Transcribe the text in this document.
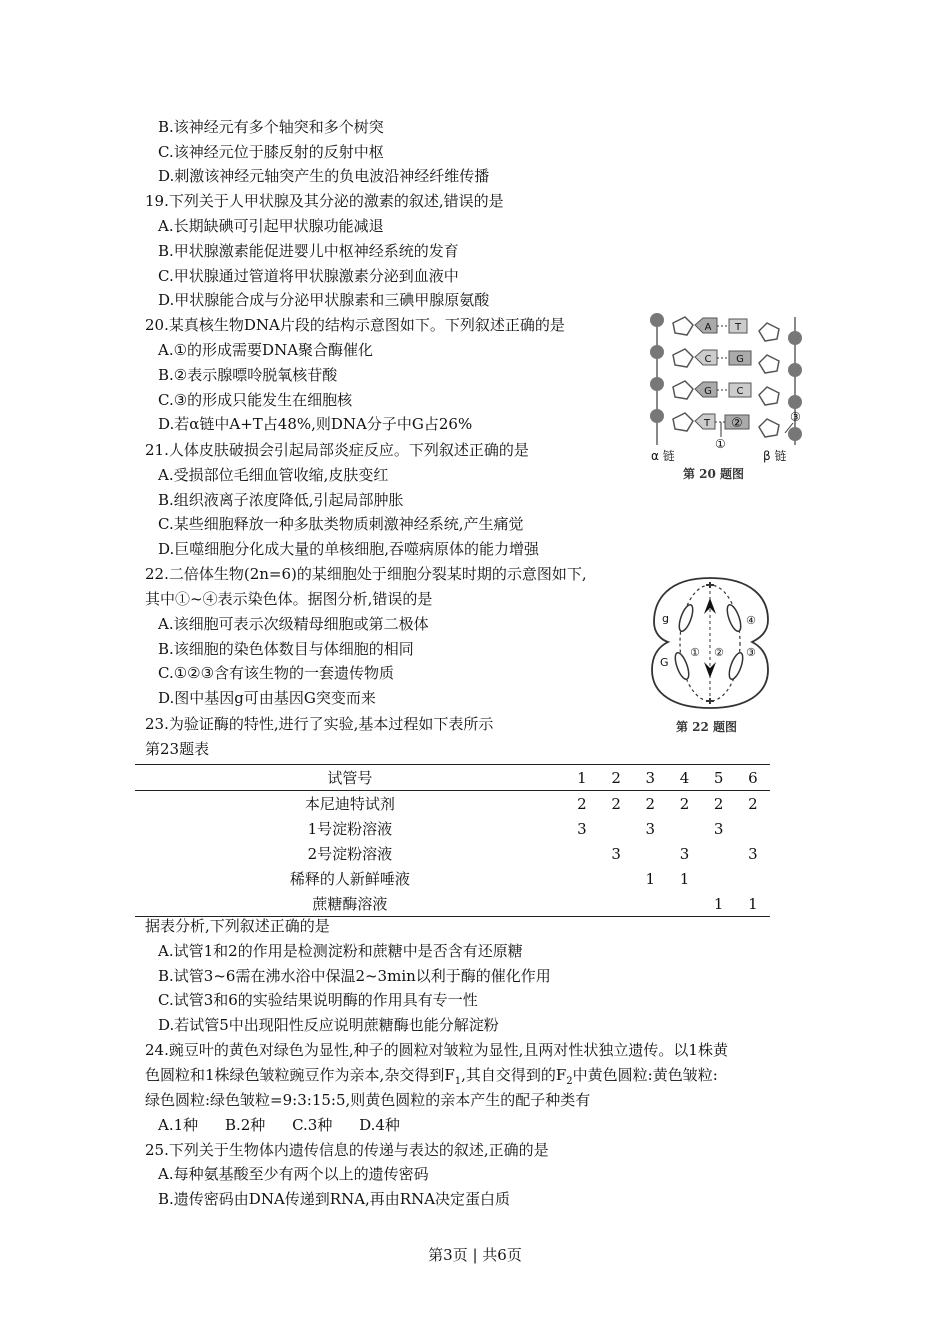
B.该神经元有多个轴突和多个树突
C.该神经元位于膝反射的反射中枢
D.刺激该神经元轴突产生的负电波沿神经纤维传播
19.下列关于人甲状腺及其分泌的激素的叙述,错误的是
A.长期缺碘可引起甲状腺功能减退
B.甲状腺激素能促进婴儿中枢神经系统的发育
C.甲状腺通过管道将甲状腺激素分泌到血液中
D.甲状腺能合成与分泌甲状腺素和三碘甲腺原氨酸
20.某真核生物DNA片段的结构示意图如下。下列叙述正确的是
A.①的形成需要DNA聚合酶催化
B.②表示腺嘌呤脱氧核苷酸
C.③的形成只能发生在细胞核
D.若α链中A+T占48%,则DNA分子中G占26%
A T
C G
G C
T ②
①
③
α 链	β 链
第 20 题图
21.人体皮肤破损会引起局部炎症反应。下列叙述正确的是
A.受损部位毛细血管收缩,皮肤变红
B.组织液离子浓度降低,引起局部肿胀
C.某些细胞释放一种多肽类物质刺激神经系统,产生痛觉
D.巨噬细胞分化成大量的单核细胞,吞噬病原体的能力增强
22.二倍体生物(2n=6)的某细胞处于细胞分裂某时期的示意图如下,
其中①~④表示染色体。据图分析,错误的是
A.该细胞可表示次级精母细胞或第二极体
B.该细胞的染色体数目与体细胞的相同
C.①②③含有该生物的一套遗传物质
D.图中基因g可由基因G突变而来
g
G
① ② ③
④
第 22 题图
23.为验证酶的特性,进行了实验,基本过程如下表所示
第23题表
试管号	1	2	3	4	5	6
本尼迪特试剂	2	2	2	2	2	2
1号淀粉溶液	3		3		3	
2号淀粉溶液		3		3		3
稀释的人新鲜唾液			1	1		
蔗糖酶溶液					1	1
据表分析,下列叙述正确的是
A.试管1和2的作用是检测淀粉和蔗糖中是否含有还原糖
B.试管3~6需在沸水浴中保温2~3min以利于酶的催化作用
C.试管3和6的实验结果说明酶的作用具有专一性
D.若试管5中出现阳性反应说明蔗糖酶也能分解淀粉
24.豌豆叶的黄色对绿色为显性,种子的圆粒对皱粒为显性,且两对性状独立遗传。以1株黄
色圆粒和1株绿色皱粒豌豆作为亲本,杂交得到$F_1$,其自交得到的$F_2$中黄色圆粒:黄色皱粒:
绿色圆粒:绿色皱粒=9:3:15:5,则黄色圆粒的亲本产生的配子种类有
A.1种 B.2种 C.3种 D.4种
25.下列关于生物体内遗传信息的传递与表达的叙述,正确的是
A.每种氨基酸至少有两个以上的遗传密码
B.遗传密码由DNA传递到RNA,再由RNA决定蛋白质
第3页 | 共6页
